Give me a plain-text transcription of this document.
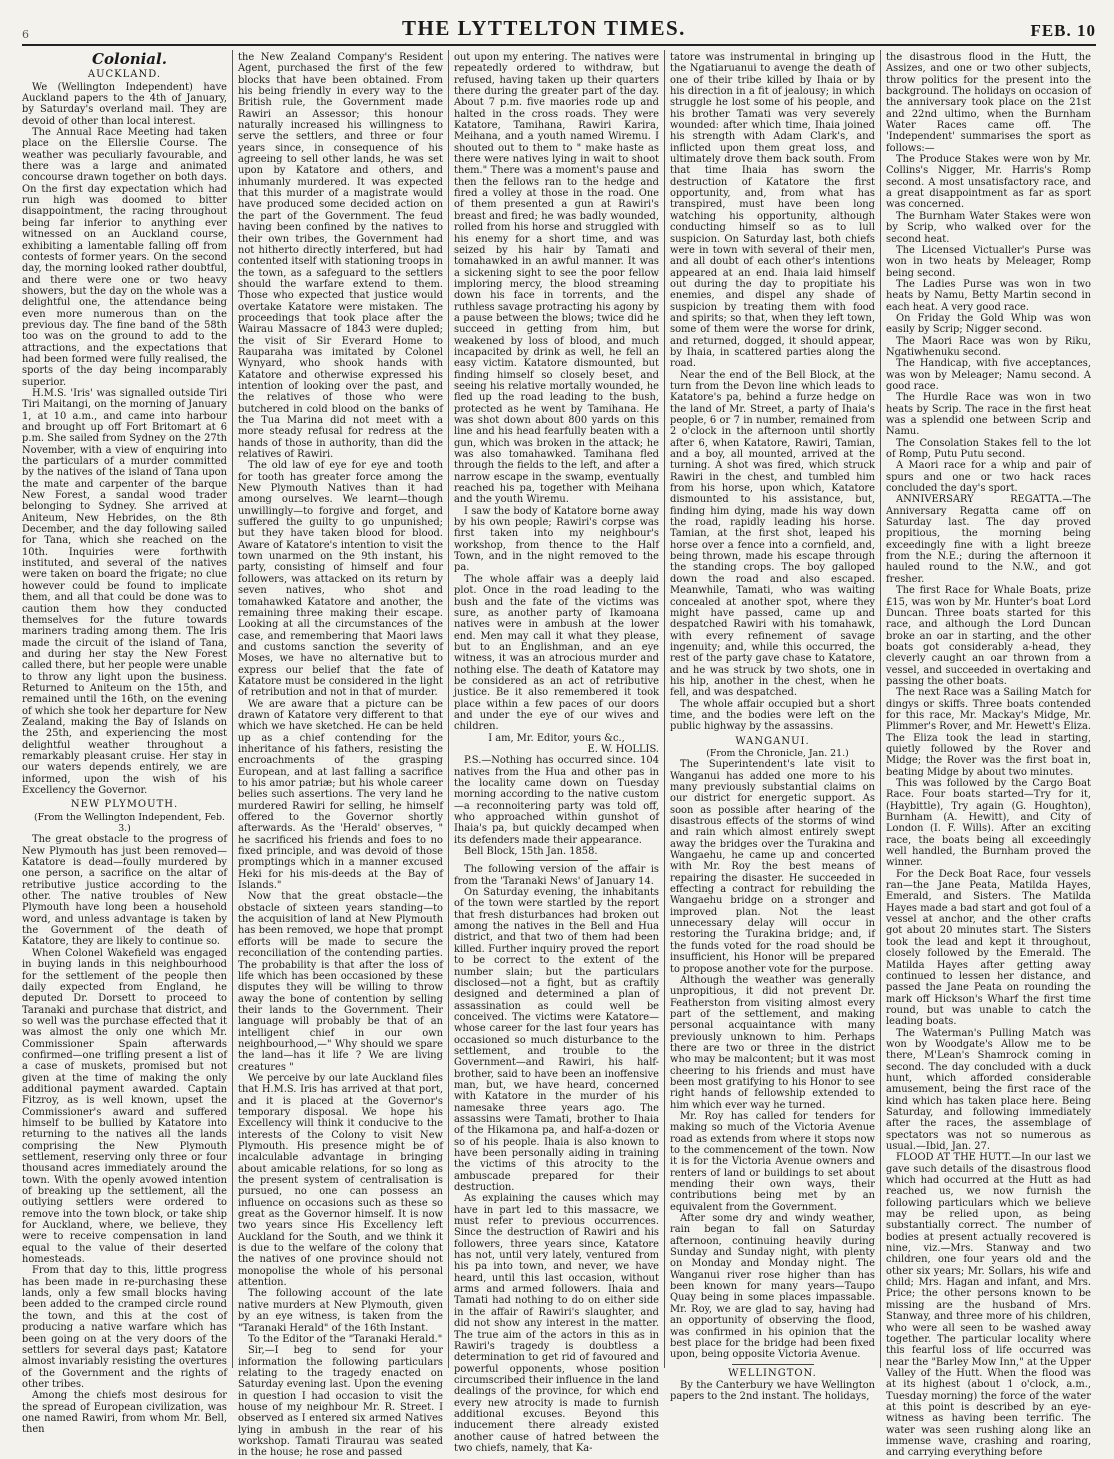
6	THE LYTTELTON TIMES.	FEB. 10

Colonial.

AUCKLAND.

We (Wellington Independent) have Auckland papers to the 4th of January, by Saturday's overland mail. They are devoid of other than local interest.

The Annual Race Meeting had taken place on the Ellerslie Course. The weather was peculiarly favourable, and there was a large and animated concourse drawn together on both days. On the first day expectation which had run high was doomed to bitter disappointment, the racing throughout being far inferior to anything ever witnessed on an Auckland course, exhibiting a lamentable falling off from contests of former years. On the second day, the morning looked rather doubtful, and there were one or two heavy showers, but the day on the whole was a delightful one, the attendance being even more numerous than on the previous day. The fine band of the 58th too was on the ground to add to the attractions, and the expectations that had been formed were fully realised, the sports of the day being incomparably superior.

H.M.S. 'Iris' was signalled outside Tiri Tiri Maitangi, on the morning of January 1, at 10 a.m., and came into harbour and brought up off Fort Britomart at 6 p.m. She sailed from Sydney on the 27th November, with a view of enquiring into the particulars of a murder committed by the natives of the island of Tana upon the mate and carpenter of the barque New Forest, a sandal wood trader belonging to Sydney. She arrived at Aniteum, New Hebrides, on the 8th December, and the day following sailed for Tana, which she reached on the 10th. Inquiries were forthwith instituted, and several of the natives were taken on board the frigate; no clue however could be found to implicate them, and all that could be done was to caution them how they conducted themselves for the future towards mariners trading among them. The Iris made the circuit of the island of Tana, and during her stay the New Forest called there, but her people were unable to throw any light upon the business. Returned to Aniteum on the 15th, and remained until the 16th, on the evening of which she took her departure for New Zealand, making the Bay of Islands on the 25th, and experiencing the most delightful weather throughout a remarkably pleasant cruise. Her stay in our waters depends entirely, we are informed, upon the wish of his Excellency the Governor.

NEW PLYMOUTH.

(From the Wellington Independent, Feb. 3.)

The great obstacle to the progress of New Plymouth has just been removed—Katatore is dead—foully murdered by one person, a sacrifice on the altar of retributive justice according to the other. The native troubles of New Plymouth have long been a household word, and unless advantage is taken by the Government of the death of Katatore, they are likely to continue so.

When Colonel Wakefield was engaged in buying lands in this neighbourhood for the settlement of the people then daily expected from England, he deputed Dr. Dorsett to proceed to Taranaki and purchase that district, and so well was the purchase effected that it was almost the only one which Mr. Commissioner Spain afterwards confirmed—one trifling present a list of a case of muskets, promised but not given at the time of making the only additional payment awarded. Captain Fitzroy, as is well known, upset the Commissioner's award and suffered himself to be bullied by Katatore into returning to the natives all the lands comprising the New Plymouth settlement, reserving only three or four thousand acres immediately around the town. With the openly avowed intention of breaking up the settlement, all the outlying settlers were ordered to remove into the town block, or take ship for Auckland, where, we believe, they were to receive compensation in land equal to the value of their deserted homesteads.

From that day to this, little progress has been made in re-purchasing these lands, only a few small blocks having been added to the cramped circle round the town, and this at the cost of producing a native warfare which has been going on at the very doors of the settlers for several days past; Katatore almost invariably resisting the overtures of the Government and the rights of other tribes.

Among the chiefs most desirous for the spread of European civilization, was one named Rawiri, from whom Mr. Bell, then

the New Zealand Company's Resident Agent, purchased the first of the few blocks that have been obtained. From his being friendly in every way to the British rule, the Government made Rawiri an Assessor; this honour naturally increased his willingness to serve the settlers, and three or four years since, in consequence of his agreeing to sell other lands, he was set upon by Katatore and others, and inhumanly murdered. It was expected that this murder of a magistrate would have produced some decided action on the part of the Government. The feud having been confined by the natives to their own tribes, the Government had not hitherto directly interfered, but had contented itself with stationing troops in the town, as a safeguard to the settlers should the warfare extend to them. Those who expected that justice would overtake Katatore were mistaken. The proceedings that took place after the Wairau Massacre of 1843 were dupled; the visit of Sir Everard Home to Rauparaha was imitated by Colonel Wynyard, who shook hands with Katatore and otherwise expressed his intention of looking over the past, and the relatives of those who were butchered in cold blood on the banks of the Tua Marina did not meet with a more steady refusal for redress at the hands of those in authority, than did the relatives of Rawiri.

The old law of eye for eye and tooth for tooth has greater force among the New Plymouth Natives than it had among ourselves. We learnt—though unwillingly—to forgive and forget, and suffered the guilty to go unpunished; but they have taken blood for blood. Aware of Katatore's intention to visit the town unarmed on the 9th instant, his party, consisting of himself and four followers, was attacked on its return by seven natives, who shot and tomahawked Katatore and another, the remaining three making their escape. Looking at all the circumstances of the case, and remembering that Maori laws and customs sanction the severity of Moses, we have no alternative but to express our belief that the fate of Katatore must be considered in the light of retribution and not in that of murder.

We are aware that a picture can be drawn of Katatore very different to that which we have sketched. He can be held up as a chief contending for the inheritance of his fathers, resisting the encroachments of the grasping European, and at last falling a sacrifice to his amor patriæ; but his whole career belies such assertions. The very land he murdered Rawiri for selling, he himself offered to the Governor shortly afterwards. As the 'Herald' observes, " he sacrificed his friends and foes to no fixed principle, and was devoid of those promptings which in a manner excused Heki for his mis-deeds at the Bay of Islands."

Now that the great obstacle—the obstacle of sixteen years standing—to the acquisition of land at New Plymouth has been removed, we hope that prompt efforts will be made to secure the reconciliation of the contending parties. The probability is that after the loss of life which has been occasioned by these disputes they will be willing to throw away the bone of contention by selling their lands to the Government. Their language will probably be that of an intelligent chief in our own neighbourhood,—" Why should we spare the land—has it life ? We are living creatures "

We perceive by our late Auckland files that H.M.S. Iris has arrived at that port, and it is placed at the Governor's temporary disposal. We hope his Excellency will think it conducive to the interests of the Colony to visit New Plymouth. His presence might be of incalculable advantage in bringing about amicable relations, for so long as the present system of centralisation is pursued, no one can possess an influence on occasions such as these so great as the Governor himself. It is now two years since His Excellency left Auckland for the South, and we think it is due to the welfare of the colony that the natives of one province should not monopolise the whole of his personal attention.

The following account of the late native murders at New Plymouth, given by an eye witness, is taken from the "Taranaki Herald" of the 16th Instant.

To the Editor of the "Taranaki Herald."

Sir,—I beg to send for your information the following particulars relating to the tragedy enacted on Saturday evening last. Upon the evening in question I had occasion to visit the house of my neighbour Mr. R. Street. I observed as I entered six armed Natives lying in ambush in the rear of his workshop. Tamati Tiraurau was seated in the house; he rose and passed

out upon my entering. The natives were repeatedly ordered to withdraw, but refused, having taken up their quarters there during the greater part of the day. About 7 p.m. five maories rode up and halted in the cross roads. They were Katatore, Tamihana, Rawiri Karira, Meihana, and a youth named Wiremu. I shouted out to them to " make haste as there were natives lying in wait to shoot them." There was a moment's pause and then the fellows ran to the hedge and fired a volley at those in the road. One of them presented a gun at Rawiri's breast and fired; he was badly wounded, rolled from his horse and struggled with his enemy for a short time, and was seized by his hair by Tamati and tomahawked in an awful manner. It was a sickening sight to see the poor fellow imploring mercy, the blood streaming down his face in torrents, and the ruthless savage protracting his agony by a pause between the blows; twice did he succeed in getting from him, but weakened by loss of blood, and much incapacited by drink as well, he fell an easy victim. Katatore dismounted, but finding himself so closely beset, and seeing his relative mortally wounded, he fled up the road leading to the bush, protected as he went by Tamihana. He was shot down about 800 yards on this line and his head fearfully beaten with a gun, which was broken in the attack; he was also tomahawked. Tamihana fled through the fields to the left, and after a narrow escape in the swamp, eventually reached his pa, together with Meihana and the youth Wiremu.

I saw the body of Katatore borne away by his own people; Rawiri's corpse was first taken into my neighbour's workshop, from thence to the Half Town, and in the night removed to the pa.

The whole affair was a deeply laid plot. Once in the road leading to the bush and the fate of the victims was sure, as another party of Ikamoana natives were in ambush at the lower end. Men may call it what they please, but to an Englishman, and an eye witness, it was an atrocious murder and nothing else. The death of Katatore may be considered as an act of retributive justice. Be it also remembered it took place within a few paces of our doors and under the eye of our wives and children.

I am, Mr. Editor, yours &c.,

E. W. HOLLIS.

P.S.—Nothing has occurred since. 104 natives from the Hua and other pas in the locality came down on Tuesday morning according to the native custom—a reconnoitering party was told off, who approached within gunshot of Ihaia's pa, but quickly decamped when its defenders made their appearance.

Bell Block, 15th Jan. 1858.

The following version of the affair is from the 'Taranaki News' of January 14.

On Saturday evening, the inhabitants of the town were startled by the report that fresh disturbances had broken out among the natives in the Bell and Hua district, and that two of them had been killed. Further inquiry proved the report to be correct to the extent of the number slain; but the particulars disclosed—not a fight, but as craftily designed and determined a plan of assassination as could well be conceived. The victims were Katatore—whose career for the last four years has occasioned so much disturbance to the settlement, and trouble to the Government—and Rawiri, his half-brother, said to have been an inoffensive man, but, we have heard, concerned with Katatore in the murder of his namesake three years ago. The assassins were Tamati, brother to Ihaia of the Hikamona pa, and half-a-dozen or so of his people. Ihaia is also known to have been personally aiding in training the victims of this atrocity to the ambuscade prepared for their destruction.

As explaining the causes which may have in part led to this massacre, we must refer to previous occurrences. Since the destruction of Rawiri and his followers, three years since, Katatore has not, until very lately, ventured from his pa into town, and never, we have heard, until this last occasion, without arms and armed followers. Ihaia and Tamati had nothing to do on either side in the affair of Rawiri's slaughter, and did not show any interest in the matter. The true aim of the actors in this as in Rawiri's tragedy is doubtless a determination to get rid of favoured and powerful opponents, whose position circumscribed their influence in the land dealings of the province, for which end every new atrocity is made to furnish additional excuses. Beyond this inducement there already existed another cause of hatred between the two chiefs, namely, that Ka-

tatore was instrumental in bringing up the Ngatiaruanui to avenge the death of one of their tribe killed by Ihaia or by his direction in a fit of jealousy; in which struggle he lost some of his people, and his brother Tamati was very severely wounded: after which time, Ihaia joined his strength with Adam Clark's, and inflicted upon them great loss, and ultimately drove them back south. From that time Ihaia has sworn the destruction of Katatore the first opportunity, and, from what has transpired, must have been long watching his opportunity, although conducting himself so as to lull suspicion. On Saturday last, both chiefs were in town with several of their men, and all doubt of each other's intentions appeared at an end. Ihaia laid himself out during the day to propitiate his enemies, and dispel any shade of suspicion by treating them with food and spirits; so that, when they left town, some of them were the worse for drink, and returned, dogged, it should appear, by Ihaia, in scattered parties along the road.

Near the end of the Bell Block, at the turn from the Devon line which leads to Katatore's pa, behind a furze hedge on the land of Mr. Street, a party of Ihaia's people, 6 or 7 in number, remained from 2 o'clock in the afternoon until shortly after 6, when Katatore, Rawiri, Tamian, and a boy, all mounted, arrived at the turning. A shot was fired, which struck Rawiri in the chest, and tumbled him from his horse, upon which, Katatore dismounted to his assistance, but, finding him dying, made his way down the road, rapidly leading his horse. Tamian, at the first shot, leaped his horse over a fence into a cornfield, and, being thrown, made his escape through the standing crops. The boy galloped down the road and also escaped. Meanwhile, Tamati, who was waiting concealed at another spot, where they might have passed, came up and despatched Rawiri with his tomahawk, with every refinement of savage ingenuity; and, while this occurred, the rest of the party gave chase to Katatore, and he was struck by two shots, one in his hip, another in the chest, when he fell, and was despatched.

The whole affair occupied but a short time, and the bodies were left on the public highway by the assassins.

WANGANUI.

(From the Chronicle, Jan. 21.)

The Superintendent's late visit to Wanganui has added one more to his many previously substantial claims on our district for energetic support. As soon as possible after hearing of the disastrous effects of the storms of wind and rain which almost entirely swept away the bridges over the Turakina and Wangaehu, he came up and concerted with Mr. Roy the best means of repairing the disaster. He succeeded in effecting a contract for rebuilding the Wangaehu bridge on a stronger and improved plan. Not the least unnecessary delay will occur in restoring the Turakina bridge; and, if the funds voted for the road should be insufficient, his Honor will be prepared to propose another vote for the purpose.

Although the weather was generally unpropitious, it did not prevent Dr. Featherston from visiting almost every part of the settlement, and making personal acquaintance with many previously unknown to him. Perhaps there are two or three in the district who may be malcontent; but it was most cheering to his friends and must have been most gratifying to his Honor to see right hands of fellowship extended to him which ever way he turned.

Mr. Roy has called for tenders for making so much of the Victoria Avenue road as extends from where it stops now to the commencement of the town. Now it is for the Victoria Avenue owners and renters of land or buildings to set about mending their own ways, their contributions being met by an equivalent from the Government.

After some dry and windy weather, rain began to fall on Saturday afternoon, continuing heavily during Sunday and Sunday night, with plenty on Monday and Monday night. The Wanganui river rose higher than has been known for many years—Taupo Quay being in some places impassable. Mr. Roy, we are glad to say, having had an opportunity of observing the flood, was confirmed in his opinion that the best place for the bridge had been fixed upon, being opposite Victoria Avenue.

WELLINGTON.

By the Canterbury we have Wellington papers to the 2nd instant. The holidays,

the disastrous flood in the Hutt, the Assizes, and one or two other subjects, throw politics for the present into the background. The holidays on occasion of the anniversary took place on the 21st and 22nd ultimo, when the Burnham Water Races came off. The 'Independent' summarises the sport as follows:—

The Produce Stakes were won by Mr. Collins's Nigger, Mr. Harris's Romp second. A most unsatisfactory race, and a great disappointment as far as sport was concerned.

The Burnham Water Stakes were won by Scrip, who walked over for the second heat.

The Licensed Victualler's Purse was won in two heats by Meleager, Romp being second.

The Ladies Purse was won in two heats by Namu, Betty Martin second in each heat. A very good race.

On Friday the Gold Whip was won easily by Scrip; Nigger second.

The Maori Race was won by Riku, Ngatiwhenuku second.

The Handicap, with five acceptances, was won by Meleager; Namu second. A good race.

The Hurdle Race was won in two heats by Scrip. The race in the first heat was a splendid one between Scrip and Namu.

The Consolation Stakes fell to the lot of Romp, Putu Putu second.

A Maori race for a whip and pair of spurs and one or two hack races concluded the day's sport.

ANNIVERSARY REGATTA.—The Anniversary Regatta came off on Saturday last. The day proved propitious, the morning being exceedingly fine with a light breeze from the N.E.; during the afternoon it hauled round to the N.W., and got fresher.

The first Race for Whale Boats, prize £15, was won by Mr. Hunter's boat Lord Duncan. Three boats started for this race, and although the Lord Duncan broke an oar in starting, and the other boats got considerably a-head, they cleverly caught an oar thrown from a vessel, and succeeded in overtaking and passing the other boats.

The next Race was a Sailing Match for dingys or skiffs. Three boats contended for this race, Mr. Mackay's Midge, Mr. Plimmer's Rover, and Mr. Hewett's Eliza. The Eliza took the lead in starting, quietly followed by the Rover and Midge; the Rover was the first boat in, beating Midge by about two minutes.

This was followed by the Cargo Boat Race. Four boats started—Try for it, (Haybittle), Try again (G. Houghton), Burnham (A. Hewitt), and City of London (I. F. Wills). After an exciting race, the boats being all exceedingly well handled, the Burnham proved the winner.

For the Deck Boat Race, four vessels ran—the Jane Peata, Matilda Hayes, Emerald, and Sisters. The Matilda Hayes made a bad start and got foul of a vessel at anchor, and the other crafts got about 20 minutes start. The Sisters took the lead and kept it throughout, closely followed by the Emerald. The Matilda Hayes after getting away continued to lessen her distance, and passed the Jane Peata on rounding the mark off Hickson's Wharf the first time round, but was unable to catch the leading boats.

The Waterman's Pulling Match was won by Woodgate's Allow me to be there, M'Lean's Shamrock coming in second. The day concluded with a duck hunt, which afforded considerable amusement, being the first race of the kind which has taken place here. Being Saturday, and following immediately after the races, the assemblage of spectators was not so numerous as usual.—Ibid, Jan. 27.

FLOOD AT THE HUTT.—In our last we gave such details of the disastrous flood which had occurred at the Hutt as had reached us, we now furnish the following particulars which we believe may be relied upon, as being substantially correct. The number of bodies at present actually recovered is nine, viz.—Mrs. Stanway and two children, one four years old and the other six years; Mr. Sollars, his wife and child; Mrs. Hagan and infant, and Mrs. Price; the other persons known to be missing are the husband of Mrs. Stanway, and three more of his children, who were all seen to be washed away together. The particular locality where this fearful loss of life occurred was near the "Barley Mow Inn," at the Upper Valley of the Hutt. When the flood was at its highest (about 1 o'clock, a.m., Tuesday morning) the force of the water at this point is described by an eye-witness as having been terrific. The water was seen rushing along like an immense wave, crashing and roaring, and carrying everything before
